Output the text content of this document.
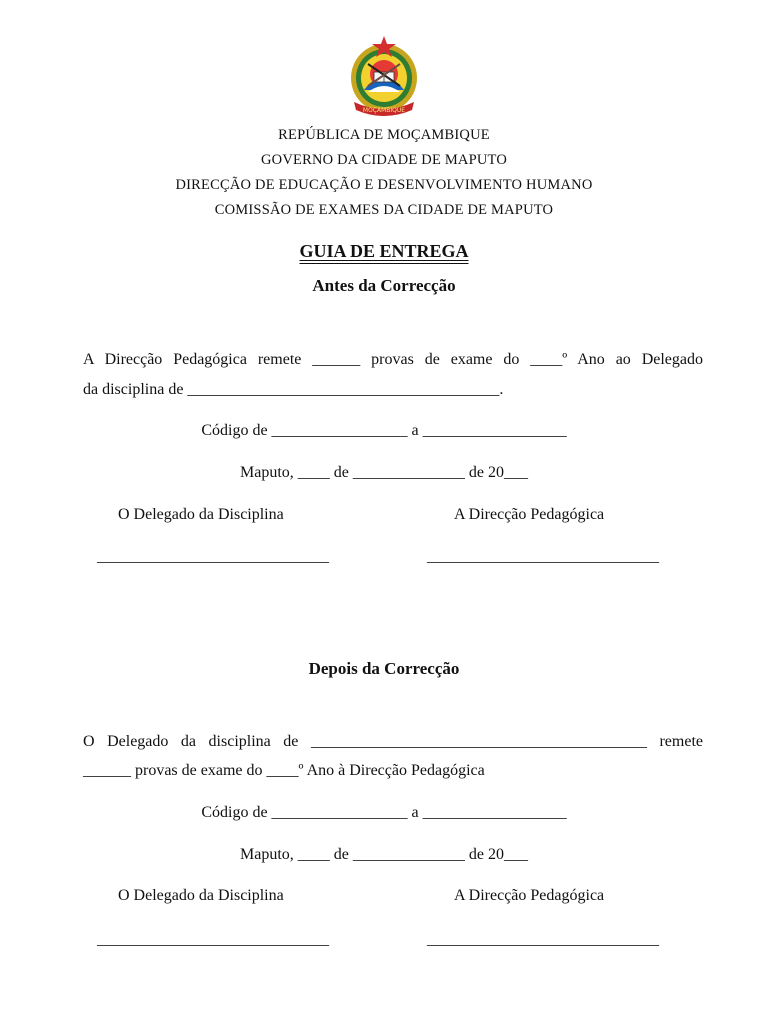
MOÇAMBIQUE
REPÚBLICA DE MOÇAMBIQUE
GOVERNO DA CIDADE DE MAPUTO
DIRECÇÃO DE EDUCAÇÃO E DESENVOLVIMENTO HUMANO
COMISSÃO DE EXAMES DA CIDADE DE MAPUTO
GUIA DE ENTREGA
Antes da Correcção
A Direcção Pedagógica remete ______ provas de exame do ____º Ano ao Delegado
da disciplina de _______________________________________.
Código de _________________ a __________________
Maputo, ____ de ______________ de 20___
O Delegado da Disciplina	A Direcção Pedagógica
_____________________________	_____________________________
Depois da Correcção
O Delegado da disciplina de __________________________________________ remete
______ provas de exame do ____º Ano à Direcção Pedagógica
Código de _________________ a __________________
Maputo, ____ de ______________ de 20___
O Delegado da Disciplina	A Direcção Pedagógica
_____________________________	_____________________________
